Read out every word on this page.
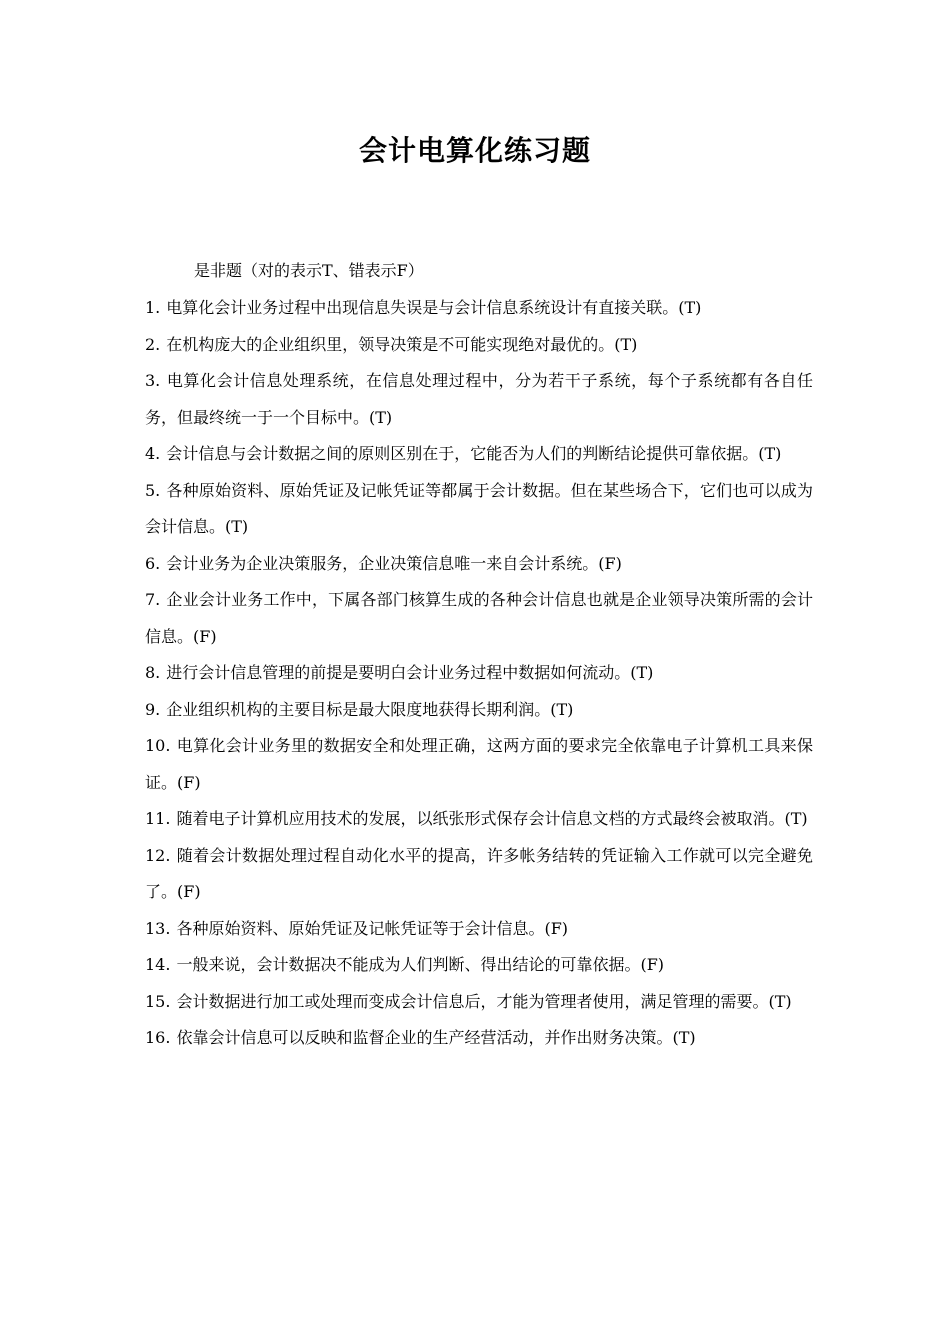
会计电算化练习题
是非题（对的表示T、错表示F）
1. 电算化会计业务过程中出现信息失误是与会计信息系统设计有直接关联。(T)
2. 在机构庞大的企业组织里，领导决策是不可能实现绝对最优的。(T)
3. 电算化会计信息处理系统，在信息处理过程中，分为若干子系统，每个子系统都有各自任务，但最终统一于一个目标中。(T)
4. 会计信息与会计数据之间的原则区别在于，它能否为人们的判断结论提供可靠依据。(T)
5. 各种原始资料、原始凭证及记帐凭证等都属于会计数据。但在某些场合下，它们也可以成为会计信息。(T)
6. 会计业务为企业决策服务，企业决策信息唯一来自会计系统。(F)
7. 企业会计业务工作中，下属各部门核算生成的各种会计信息也就是企业领导决策所需的会计信息。(F)
8. 进行会计信息管理的前提是要明白会计业务过程中数据如何流动。(T)
9. 企业组织机构的主要目标是最大限度地获得长期利润。(T)
10. 电算化会计业务里的数据安全和处理正确，这两方面的要求完全依靠电子计算机工具来保证。(F)
11. 随着电子计算机应用技术的发展，以纸张形式保存会计信息文档的方式最终会被取消。(T)
12. 随着会计数据处理过程自动化水平的提高，许多帐务结转的凭证输入工作就可以完全避免了。(F)
13. 各种原始资料、原始凭证及记帐凭证等于会计信息。(F)
14. 一般来说，会计数据决不能成为人们判断、得出结论的可靠依据。(F)
15. 会计数据进行加工或处理而变成会计信息后，才能为管理者使用，满足管理的需要。(T)
16. 依靠会计信息可以反映和监督企业的生产经营活动，并作出财务决策。(T)
